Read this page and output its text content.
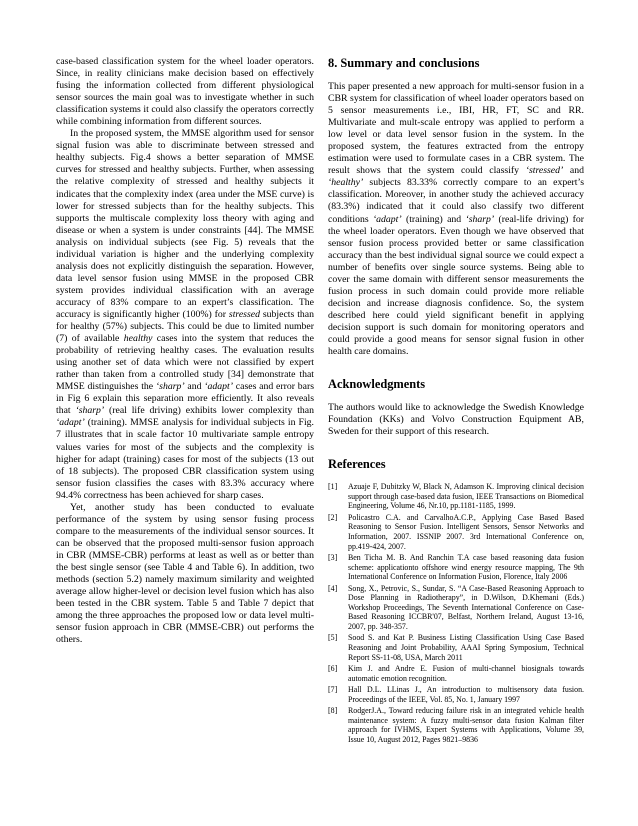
case-based classification system for the wheel loader operators. Since, in reality clinicians make decision based on effectively fusing the information collected from different physiological sensor sources the main goal was to investigate whether in such classification systems it could also classify the operators correctly while combining information from different sources.

In the proposed system, the MMSE algorithm used for sensor signal fusion was able to discriminate between stressed and healthy subjects. Fig.4 shows a better separation of MMSE curves for stressed and healthy subjects. Further, when assessing the relative complexity of stressed and healthy subjects it indicates that the complexity index (area under the MSE curve) is lower for stressed subjects than for the healthy subjects. This supports the multiscale complexity loss theory with aging and disease or when a system is under constraints [44]. The MMSE analysis on individual subjects (see Fig. 5) reveals that the individual variation is higher and the underlying complexity analysis does not explicitly distinguish the separation. However, data level sensor fusion using MMSE in the proposed CBR system provides individual classification with an average accuracy of 83% compare to an expert’s classification. The accuracy is significantly higher (100%) for stressed subjects than for healthy (57%) subjects. This could be due to limited number (7) of available healthy cases into the system that reduces the probability of retrieving healthy cases. The evaluation results using another set of data which were not classified by expert rather than taken from a controlled study [34] demonstrate that MMSE distinguishes the ‘sharp’ and ‘adapt’ cases and error bars in Fig 6 explain this separation more efficiently. It also reveals that ‘sharp’ (real life driving) exhibits lower complexity than ‘adapt’ (training). MMSE analysis for individual subjects in Fig. 7 illustrates that in scale factor 10 multivariate sample entropy values varies for most of the subjects and the complexity is higher for adapt (training) cases for most of the subjects (13 out of 18 subjects). The proposed CBR classification system using sensor fusion classifies the cases with 83.3% accuracy where 94.4% correctness has been achieved for sharp cases.

Yet, another study has been conducted to evaluate performance of the system by using sensor fusing process compare to the measurements of the individual sensor sources. It can be observed that the proposed multi-sensor fusion approach in CBR (MMSE-CBR) performs at least as well as or better than the best single sensor (see Table 4 and Table 6). In addition, two methods (section 5.2) namely maximum similarity and weighted average allow higher-level or decision level fusion which has also been tested in the CBR system. Table 5 and Table 7 depict that among the three approaches the proposed low or data level multi-sensor fusion approach in CBR (MMSE-CBR) out performs the others.

8. Summary and conclusions

This paper presented a new approach for multi-sensor fusion in a CBR system for classification of wheel loader operators based on 5 sensor measurements i.e., IBI, HR, FT, SC and RR. Multivariate and mult-scale entropy was applied to perform a low level or data level sensor fusion in the system. In the proposed system, the features extracted from the entropy estimation were used to formulate cases in a CBR system. The result shows that the system could classify ‘stressed’ and ‘healthy’ subjects 83.33% correctly compare to an expert’s classification. Moreover, in another study the achieved accuracy (83.3%) indicated that it could also classify two different conditions ‘adapt’ (training) and ‘sharp’ (real-life driving) for the wheel loader operators. Even though we have observed that sensor fusion process provided better or same classification accuracy than the best individual signal source we could expect a number of benefits over single source systems. Being able to cover the same domain with different sensor measurements the fusion process in such domain could provide more reliable decision and increase diagnosis confidence. So, the system described here could yield significant benefit in applying decision support is such domain for monitoring operators and could provide a good means for sensor signal fusion in other health care domains.

Acknowledgments

The authors would like to acknowledge the Swedish Knowledge Foundation (KKs) and Volvo Construction Equipment AB, Sweden for their support of this research.

References
[1]	Azuaje F, Dubitzky W, Black N, Adamson K. Improving clinical decision support through case-based data fusion, IEEE Transactions on Biomedical Engineering, Volume 46, Nr.10, pp.1181-1185, 1999.
[2]	Policastro C.A. and CarvalhoA.C.P., Applying Case Based Based Reasoning to Sensor Fusion. Intelligent Sensors, Sensor Networks and Information, 2007. ISSNIP 2007. 3rd International Conference on, pp.419-424, 2007.
[3]	Ben Ticha M. B. And Ranchin T.A case based reasoning data fusion scheme: applicationto offshore wind energy resource mapping, The 9th International Conference on Information Fusion, Florence, Italy 2006
[4]	Song, X., Petrovic, S., Sundar, S. “A Case-Based Reasoning Approach to Dose Planning in Radiotherapy”, in D.Wilson, D.Khemani (Eds.) Workshop Proceedings, The Seventh International Conference on Case-Based Reasoning ICCBR'07, Belfast, Northern Ireland, August 13-16, 2007, pp. 348-357.
[5]	Sood S. and Kat P. Business Listing Classification Using Case Based Reasoning and Joint Probability, AAAI Spring Symposium, Technical Report SS-11-08, USA, March 2011
[6]	Kim J. and Andre E. Fusion of multi-channel biosignals towards automatic emotion recognition.
[7]	Hall D.L. LLinas J., An introduction to multisensory data fusion. Proceedings of the IEEE, Vol. 85, No. 1, January 1997
[8]	RodgerJ.A., Toward reducing failure risk in an integrated vehicle health maintenance system: A fuzzy multi-sensor data fusion Kalman filter approach for IVHMS, Expert Systems with Applications, Volume 39, Issue 10, August 2012, Pages 9821–9836
